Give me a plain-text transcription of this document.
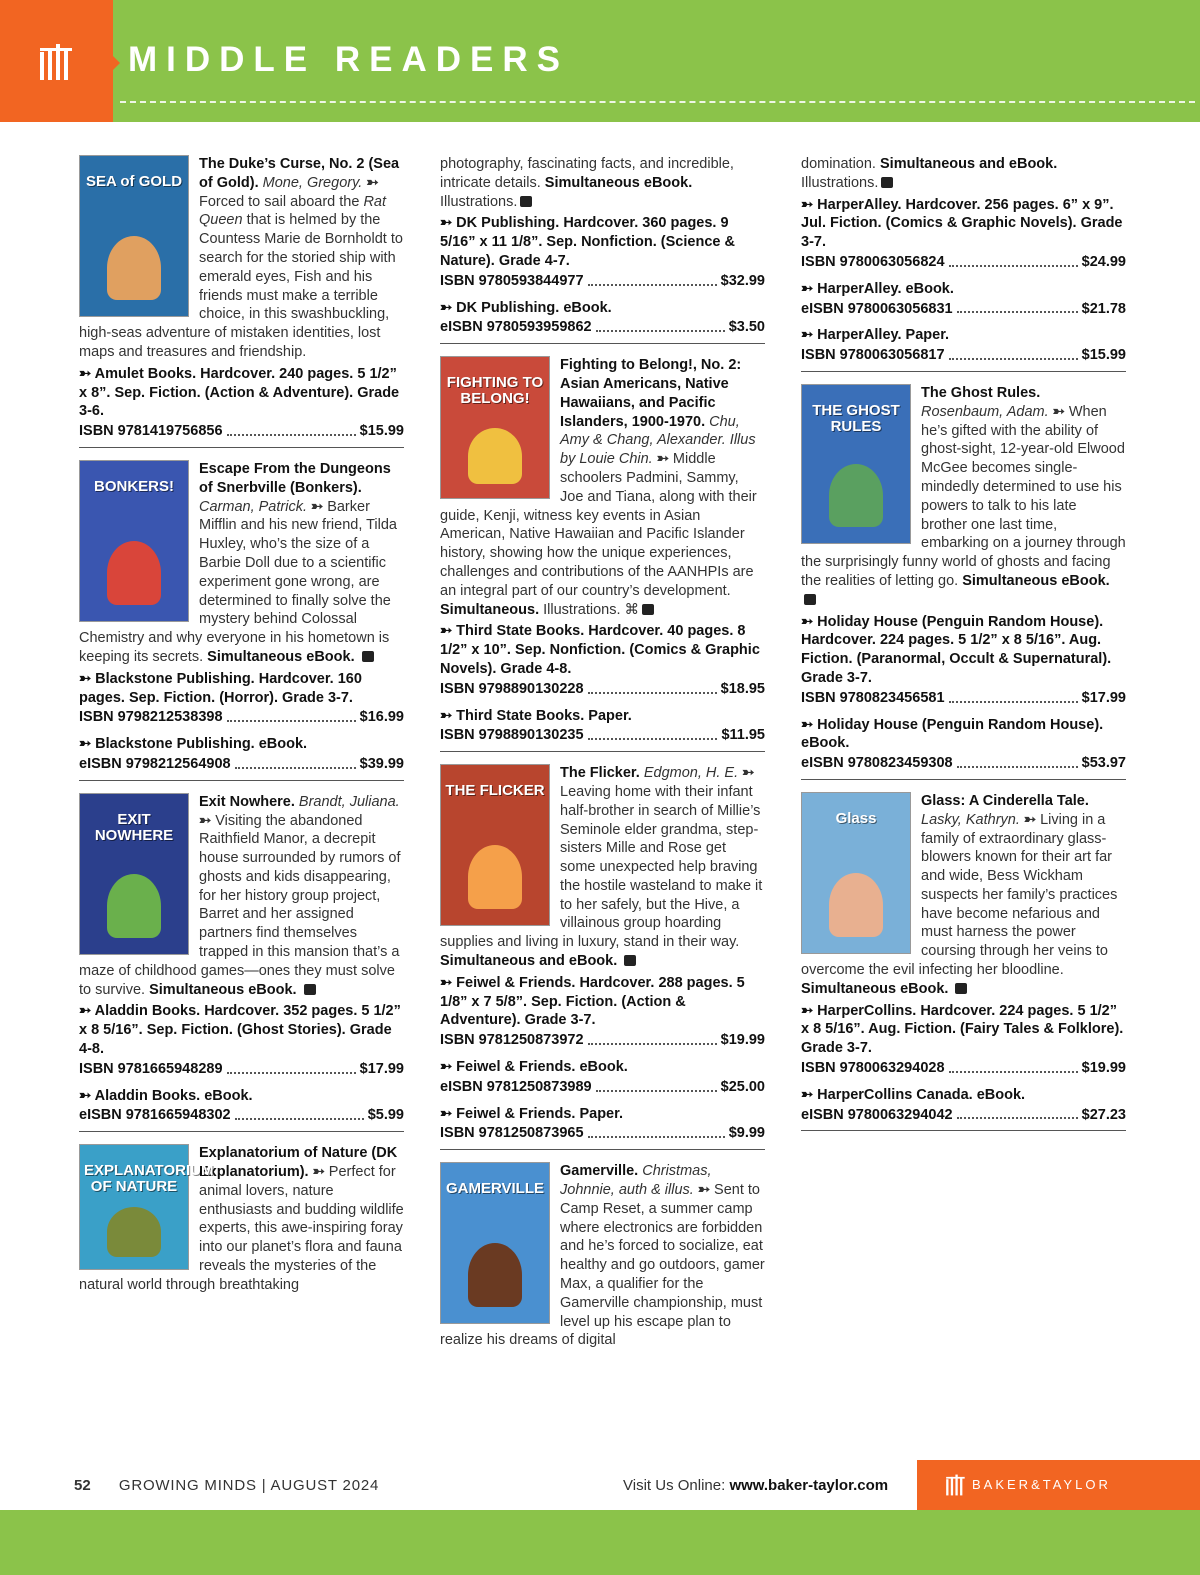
MIDDLE READERS
SEA of GOLD

The Duke’s Curse, No. 2 (Sea of Gold). Mone, Gregory. ➳ Forced to sail aboard the Rat Queen that is helmed by the Countess Marie de Bornholdt to search for the storied ship with emerald eyes, Fish and his friends must make a terrible choice, in this swashbuckling, high-seas adventure of mistaken identities, lost maps and treasures and friendship.

➳ Amulet Books. Hardcover. 240 pages. 5 1/2” x 8”. Sep. Fiction. (Action & Adventure). Grade 3-6.
ISBN 9781419756856	$15.99
BONKERS!

Escape From the Dungeons of Snerbville (Bonkers). Carman, Patrick. ➳ Barker Mifflin and his new friend, Tilda Huxley, who’s the size of a Barbie Doll due to a scientific experiment gone wrong, are determined to finally solve the mystery behind Colossal Chemistry and why everyone in his hometown is keeping its secrets. Simultaneous eBook.

➳ Blackstone Publishing. Hardcover. 160 pages. Sep. Fiction. (Horror). Grade 3-7.
ISBN 9798212538398	$16.99
➳ Blackstone Publishing. eBook.
eISBN 9798212564908	$39.99
EXIT NOWHERE

Exit Nowhere. Brandt, Juliana. ➳ Visiting the abandoned Raithfield Manor, a decrepit house surrounded by rumors of ghosts and kids disappearing, for her history group project, Barret and her assigned partners find themselves trapped in this mansion that’s a maze of childhood games—ones they must solve to survive. Simultaneous eBook.

➳ Aladdin Books. Hardcover. 352 pages. 5 1/2” x 8 5/16”. Sep. Fiction. (Ghost Stories). Grade 4-8.
ISBN 9781665948289	$17.99
➳ Aladdin Books. eBook.
eISBN 9781665948302	$5.99
EXPLANATORIUM OF NATURE

Explanatorium of Nature (DK Explanatorium). ➳ Perfect for animal lovers, nature enthusiasts and budding wildlife experts, this awe-inspiring foray into our planet’s flora and fauna reveals the mysteries of the natural world through breathtaking

photography, fascinating facts, and incredible, intricate details. Simultaneous eBook. Illustrations.

➳ DK Publishing. Hardcover. 360 pages. 9 5/16” x 11 1/8”. Sep. Nonfiction. (Science & Nature). Grade 4-7.
ISBN 9780593844977	$32.99
➳ DK Publishing. eBook.
eISBN 9780593959862	$3.50
FIGHTING TO BELONG!

Fighting to Belong!, No. 2: Asian Americans, Native Hawaiians, and Pacific Islanders, 1900-1970. Chu, Amy & Chang, Alexander. Illus by Louie Chin. ➳ Middle schoolers Padmini, Sammy, Joe and Tiana, along with their guide, Kenji, witness key events in Asian American, Native Hawaiian and Pacific Islander history, showing how the unique experiences, challenges and contributions of the AANHPIs are an integral part of our country’s development. Simultaneous. Illustrations. ⌘

➳ Third State Books. Hardcover. 40 pages. 8 1/2” x 10”. Sep. Nonfiction. (Comics & Graphic Novels). Grade 4-8.
ISBN 9798890130228	$18.95
➳ Third State Books. Paper.
ISBN 9798890130235	$11.95
THE FLICKER

The Flicker. Edgmon, H. E. ➳ Leaving home with their infant half-brother in search of Millie’s Seminole elder grandma, step-sisters Mille and Rose get some unexpected help braving the hostile wasteland to make it to her safely, but the Hive, a villainous group hoarding supplies and living in luxury, stand in their way. Simultaneous and eBook.

➳ Feiwel & Friends. Hardcover. 288 pages. 5 1/8” x 7 5/8”. Sep. Fiction. (Action & Adventure). Grade 3-7.
ISBN 9781250873972	$19.99
➳ Feiwel & Friends. eBook.
eISBN 9781250873989	$25.00
➳ Feiwel & Friends. Paper.
ISBN 9781250873965	$9.99
GAMERVILLE

Gamerville. Christmas, Johnnie, auth & illus. ➳ Sent to Camp Reset, a summer camp where electronics are forbidden and he’s forced to socialize, eat healthy and go outdoors, gamer Max, a qualifier for the Gamerville championship, must level up his escape plan to realize his dreams of digital

domination. Simultaneous and eBook. Illustrations.

➳ HarperAlley. Hardcover. 256 pages. 6” x 9”. Jul. Fiction. (Comics & Graphic Novels). Grade 3-7.
ISBN 9780063056824	$24.99
➳ HarperAlley. eBook.
eISBN 9780063056831	$21.78
➳ HarperAlley. Paper.
ISBN 9780063056817	$15.99
THE GHOST RULES

The Ghost Rules. Rosenbaum, Adam. ➳ When he’s gifted with the ability of ghost-sight, 12-year-old Elwood McGee becomes single-mindedly determined to use his powers to talk to his late brother one last time, embarking on a journey through the surprisingly funny world of ghosts and facing the realities of letting go. Simultaneous eBook.

➳ Holiday House (Penguin Random House). Hardcover. 224 pages. 5 1/2” x 8 5/16”. Aug. Fiction. (Paranormal, Occult & Supernatural). Grade 3-7.
ISBN 9780823456581	$17.99
➳ Holiday House (Penguin Random House). eBook.
eISBN 9780823459308	$53.97
Glass

Glass: A Cinderella Tale. Lasky, Kathryn. ➳ Living in a family of extraordinary glass-blowers known for their art far and wide, Bess Wickham suspects her family’s practices have become nefarious and must harness the power coursing through her veins to overcome the evil infecting her bloodline. Simultaneous eBook.

➳ HarperCollins. Hardcover. 224 pages. 5 1/2” x 8 5/16”. Aug. Fiction. (Fairy Tales & Folklore). Grade 3-7.
ISBN 9780063294028	$19.99
➳ HarperCollins Canada. eBook.
eISBN 9780063294042	$27.23
52 GROWING MINDS | AUGUST 2024	Visit Us Online: www.baker-taylor.com	BAKER&TAYLOR
